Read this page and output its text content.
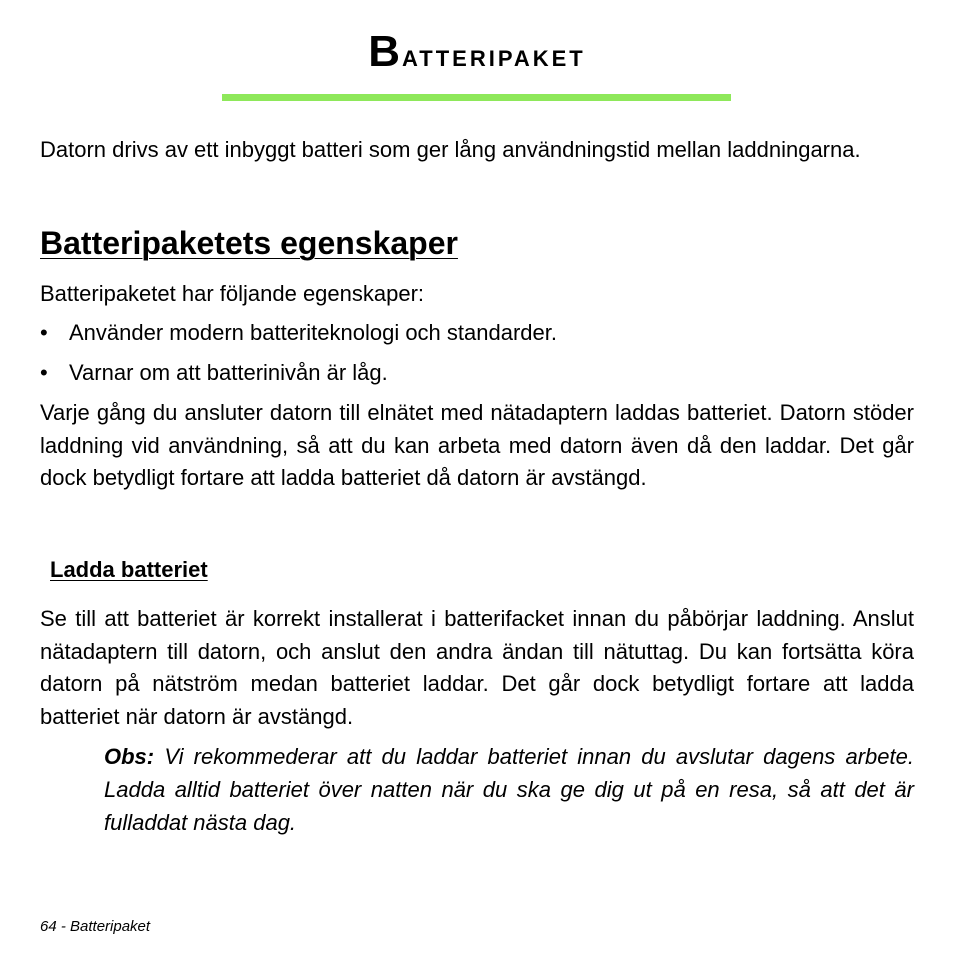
Batteripaket

Datorn drivs av ett inbyggt batteri som ger lång användningstid mellan laddningarna.

Batteripaketets egenskaper

Batteripaketet har följande egenskaper:

• Använder modern batteriteknologi och standarder.
• Varnar om att batterinivån är låg.

Varje gång du ansluter datorn till elnätet med nätadaptern laddas batteriet. Datorn stöder laddning vid användning, så att du kan arbeta med datorn även då den laddar. Det går dock betydligt fortare att ladda batteriet då datorn är avstängd.

Ladda batteriet

Se till att batteriet är korrekt installerat i batterifacket innan du påbörjar laddning. Anslut nätadaptern till datorn, och anslut den andra ändan till nätuttag. Du kan fortsätta köra datorn på nätström medan batteriet laddar. Det går dock betydligt fortare att ladda batteriet när datorn är avstängd.

Obs: Vi rekommederar att du laddar batteriet innan du avslutar dagens arbete. Ladda alltid batteriet över natten när du ska ge dig ut på en resa, så att det är fulladdat nästa dag.

64 - Batteripaket
